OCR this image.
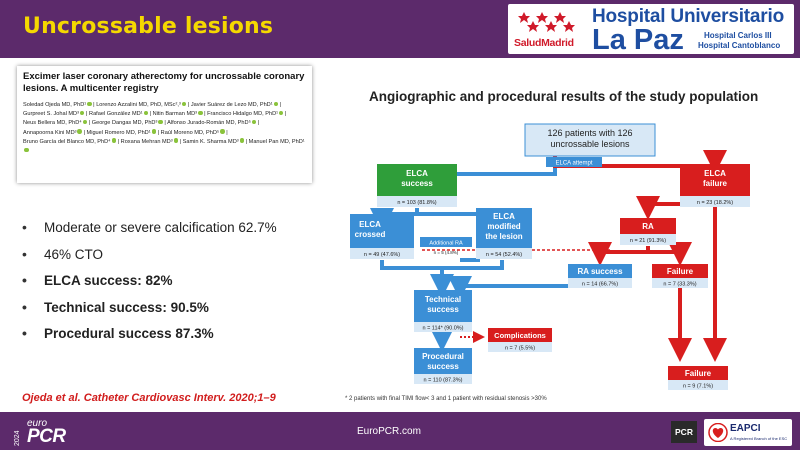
Uncrossable lesions
SaludMadrid
Hospital Universitario
La Paz	Hospital Carlos III
Hospital Cantoblanco
Excimer laser coronary atherectomy for uncrossable coronary lesions. A multicenter registry
Soledad Ojeda MD, PhD¹ | Lorenzo Azzalini MD, PhD, MSc²,³ | Javier Suárez de Lezo MD, PhD¹ | Gurpreet S. Johal MD³ | Rafael González MD¹ | Nitin Barman MD³ | Francisco Hidalgo MD, PhD¹ | Neus Bellera MD, PhD⁴ | George Dangas MD, PhD³ | Alfonso Jurado-Román MD, PhD⁵ | Annapoorna Kini MD³ | Miguel Romero MD, PhD¹ | Raúl Moreno MD, PhD⁵ | Bruno García del Blanco MD, PhD⁴ | Roxana Mehran MD³ | Samin K. Sharma MD³ | Manuel Pan MD, PhD¹
• Moderate or severe calcification 62.7%
• 46% CTO
• ELCA success: 82%
• Technical success: 90.5%
• Procedural success 87.3%
Ojeda et al. Catheter Cardiovasc Interv. 2020;1–9
Angiographic and procedural results of the study population
126 patients with 126
uncrossable lesions
ELCA attempt
ELCA
success
n = 103 (81.8%)
ELCA
failure
n = 23 (18.2%)
ELCA
crossed
n = 49 (47.6%)
Additional RA
n = 5 (4.8%)
ELCA
modified
the lesion
n = 54 (52.4%)
RA
n = 21 (91.3%)
RA success
n = 14 (66.7%)
Failure
n = 7 (33.3%)
Technical
success
n = 114* (90.0%)
Complications
n = 7 (5.5%)
Procedural
success
n = 110 (87.3%)
Failure
n = 9 (7.1%)
* 2 patients with final TIMI flow< 3 and 1 patient with residual stenosis >30%
2024
euro
PCR	EuroPCR.com	PCR	EAPCI
A Registered Branch of the ESC
